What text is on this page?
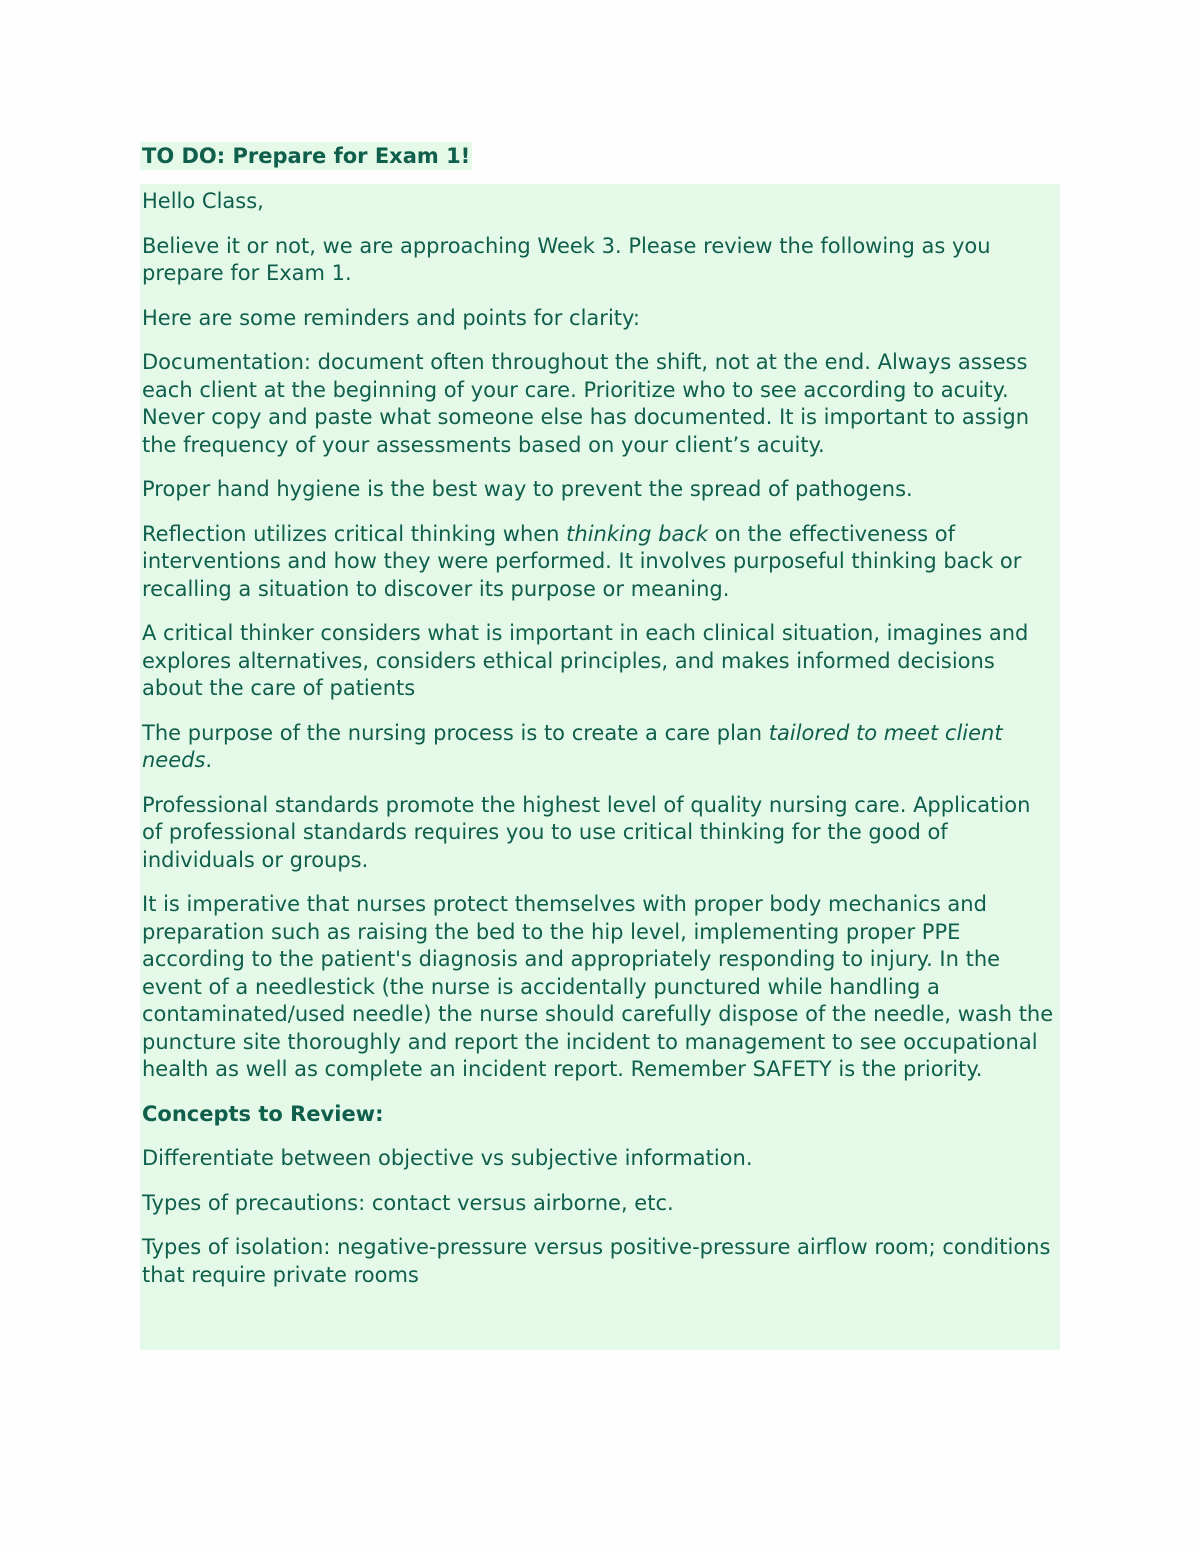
TO DO: Prepare for Exam 1!

Hello Class,

Believe it or not, we are approaching Week 3. Please review the following as you prepare for Exam 1.

Here are some reminders and points for clarity:

Documentation: document often throughout the shift, not at the end. Always assess each client at the beginning of your care. Prioritize who to see according to acuity. Never copy and paste what someone else has documented. It is important to assign the frequency of your assessments based on your client’s acuity.

Proper hand hygiene is the best way to prevent the spread of pathogens.

Reflection utilizes critical thinking when thinking back on the effectiveness of interventions and how they were performed. It involves purposeful thinking back or recalling a situation to discover its purpose or meaning.

A critical thinker considers what is important in each clinical situation, imagines and explores alternatives, considers ethical principles, and makes informed decisions about the care of patients

The purpose of the nursing process is to create a care plan tailored to meet client needs.

Professional standards promote the highest level of quality nursing care. Application of professional standards requires you to use critical thinking for the good of individuals or groups.

It is imperative that nurses protect themselves with proper body mechanics and preparation such as raising the bed to the hip level, implementing proper PPE according to the patient's diagnosis and appropriately responding to injury. In the event of a needlestick (the nurse is accidentally punctured while handling a contaminated/used needle) the nurse should carefully dispose of the needle, wash the puncture site thoroughly and report the incident to management to see occupational health as well as complete an incident report. Remember SAFETY is the priority.

Concepts to Review:

Differentiate between objective vs subjective information.

Types of precautions: contact versus airborne, etc.

Types of isolation: negative-pressure versus positive-pressure airflow room; conditions that require private rooms
